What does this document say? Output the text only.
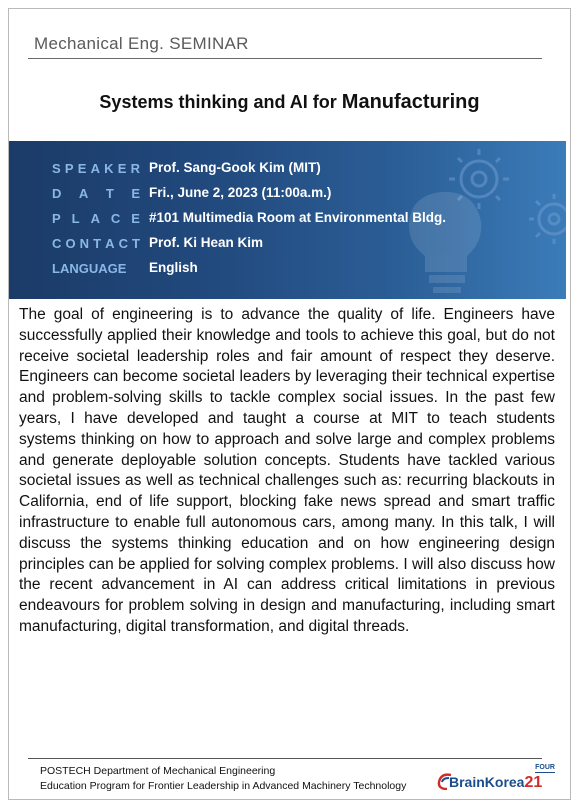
Mechanical Eng. SEMINAR
Systems thinking and AI for Manufacturing
S P E A K E R Prof. Sang-Gook Kim (MIT)
D A T E Fri., June 2, 2023 (11:00a.m.)
P L A C E #101 Multimedia Room at Environmental Bldg.
C O N T A C T Prof. Ki Hean Kim
LANGUAGE English
The goal of engineering is to advance the quality of life. Engineers have successfully applied their knowledge and tools to achieve this goal, but do not receive societal leadership roles and fair amount of respect they deserve. Engineers can become societal leaders by leveraging their technical expertise and problem-solving skills to tackle complex social issues. In the past few years, I have developed and taught a course at MIT to teach students systems thinking on how to approach and solve large and complex problems and generate deployable solution concepts. Students have tackled various societal issues as well as technical challenges such as: recurring blackouts in California, end of life support, blocking fake news spread and smart traffic infrastructure to enable full autonomous cars, among many. In this talk, I will discuss the systems thinking education and on how engineering design principles can be applied for solving complex problems. I will also discuss how the recent advancement in AI can address critical limitations in previous endeavours for problem solving in design and manufacturing, including smart manufacturing, digital transformation, and digital threads.
POSTECH Department of Mechanical Engineering
Education Program for Frontier Leadership in Advanced Machinery Technology
FOUR
BrainKorea21
